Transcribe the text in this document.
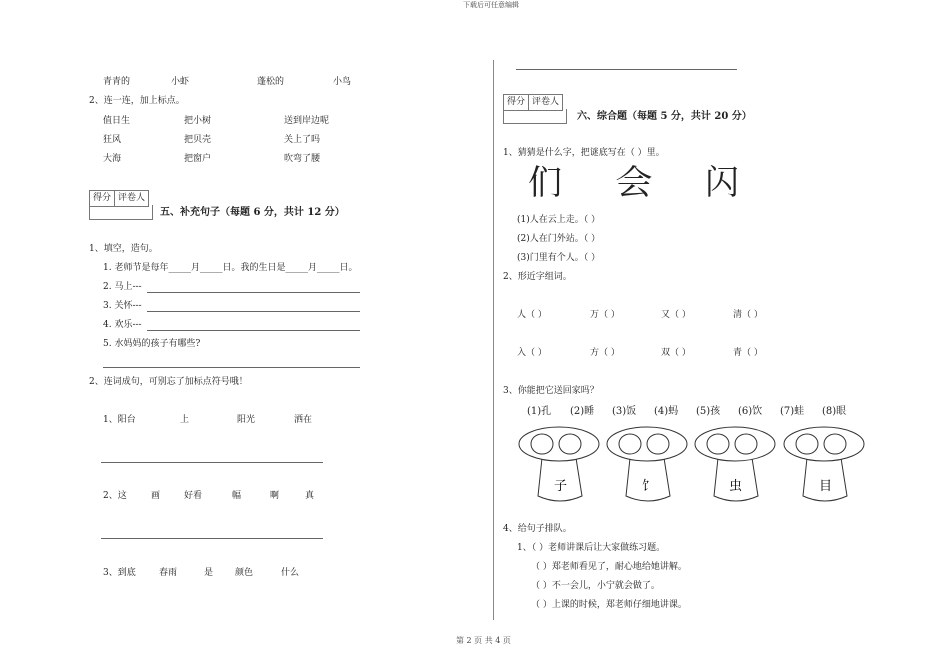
下载后可任意编辑
第 2 页 共 4 页
青青的	小虾	蓬松的	小鸟
2、连一连，加上标点。
值日生	把小树	送到岸边呢
狂风	把贝壳	关上了吗
大海	把窗户	吹弯了腰
得分 评卷人
五、补充句子（每题 6 分，共计 12 分）
1、填空，造句。
1. 老师节是每年_____月_____日。我的生日是_____月_____日。
2. 马上---
3. 关怀---
4. 欢乐---
5. 水妈妈的孩子有哪些?
2、连词成句，可别忘了加标点符号哦！
1、阳台	上	阳光	洒在
2、这	画	好看	幅	啊	真
3、到底	春雨	是 颜色	什么
得分 评卷人
六、综合题（每题 5 分，共计 20 分）
1、猜猜是什么字，把谜底写在（ ）里。
们 会 闪
(1)人在云上走。（ ）
(2)人在门外站。（ ）
(3)门里有个人。（ ）
2、形近字组词。
人（ ）	万（ ）	又（ ）	清（ ）
入（ ）	方（ ）	双（ ）	青（ ）
3、你能把它送回家吗？
(1)孔 (2)睡 (3)饭 (4)蚂 (5)孩 (6)饮 (7)蛙 (8)眼
子	饣	虫	目
4、给句子排队。
1、（ ）老师讲课后让大家做练习题。
（ ）郑老师看见了，耐心地给她讲解。
（ ）不一会儿，小宁就会做了。
（ ）上课的时候，郑老师仔细地讲课。
